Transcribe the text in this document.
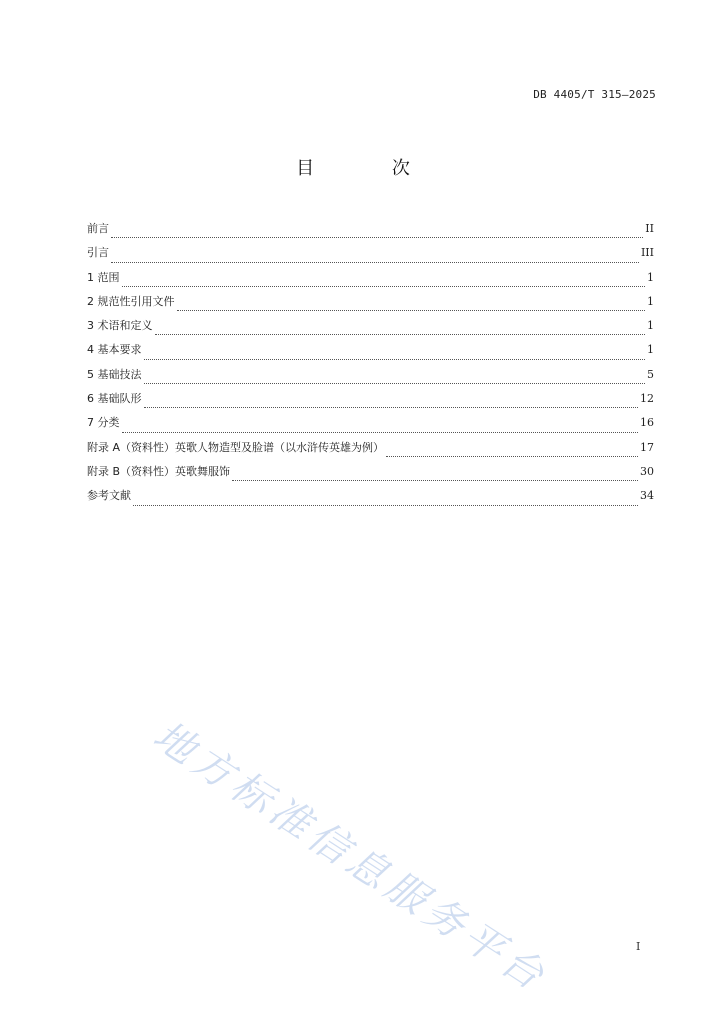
DB 4405/T 315—2025
目 次
前言	II
引言	III
1 范围	1
2 规范性引用文件	1
3 术语和定义	1
4 基本要求	1
5 基础技法	5
6 基础队形	12
7 分类	16
附录 A（资料性）英歌人物造型及脸谱（以水浒传英雄为例）	17
附录 B（资料性）英歌舞服饰	30
参考文献	34
地方标准信息服务平台	I
